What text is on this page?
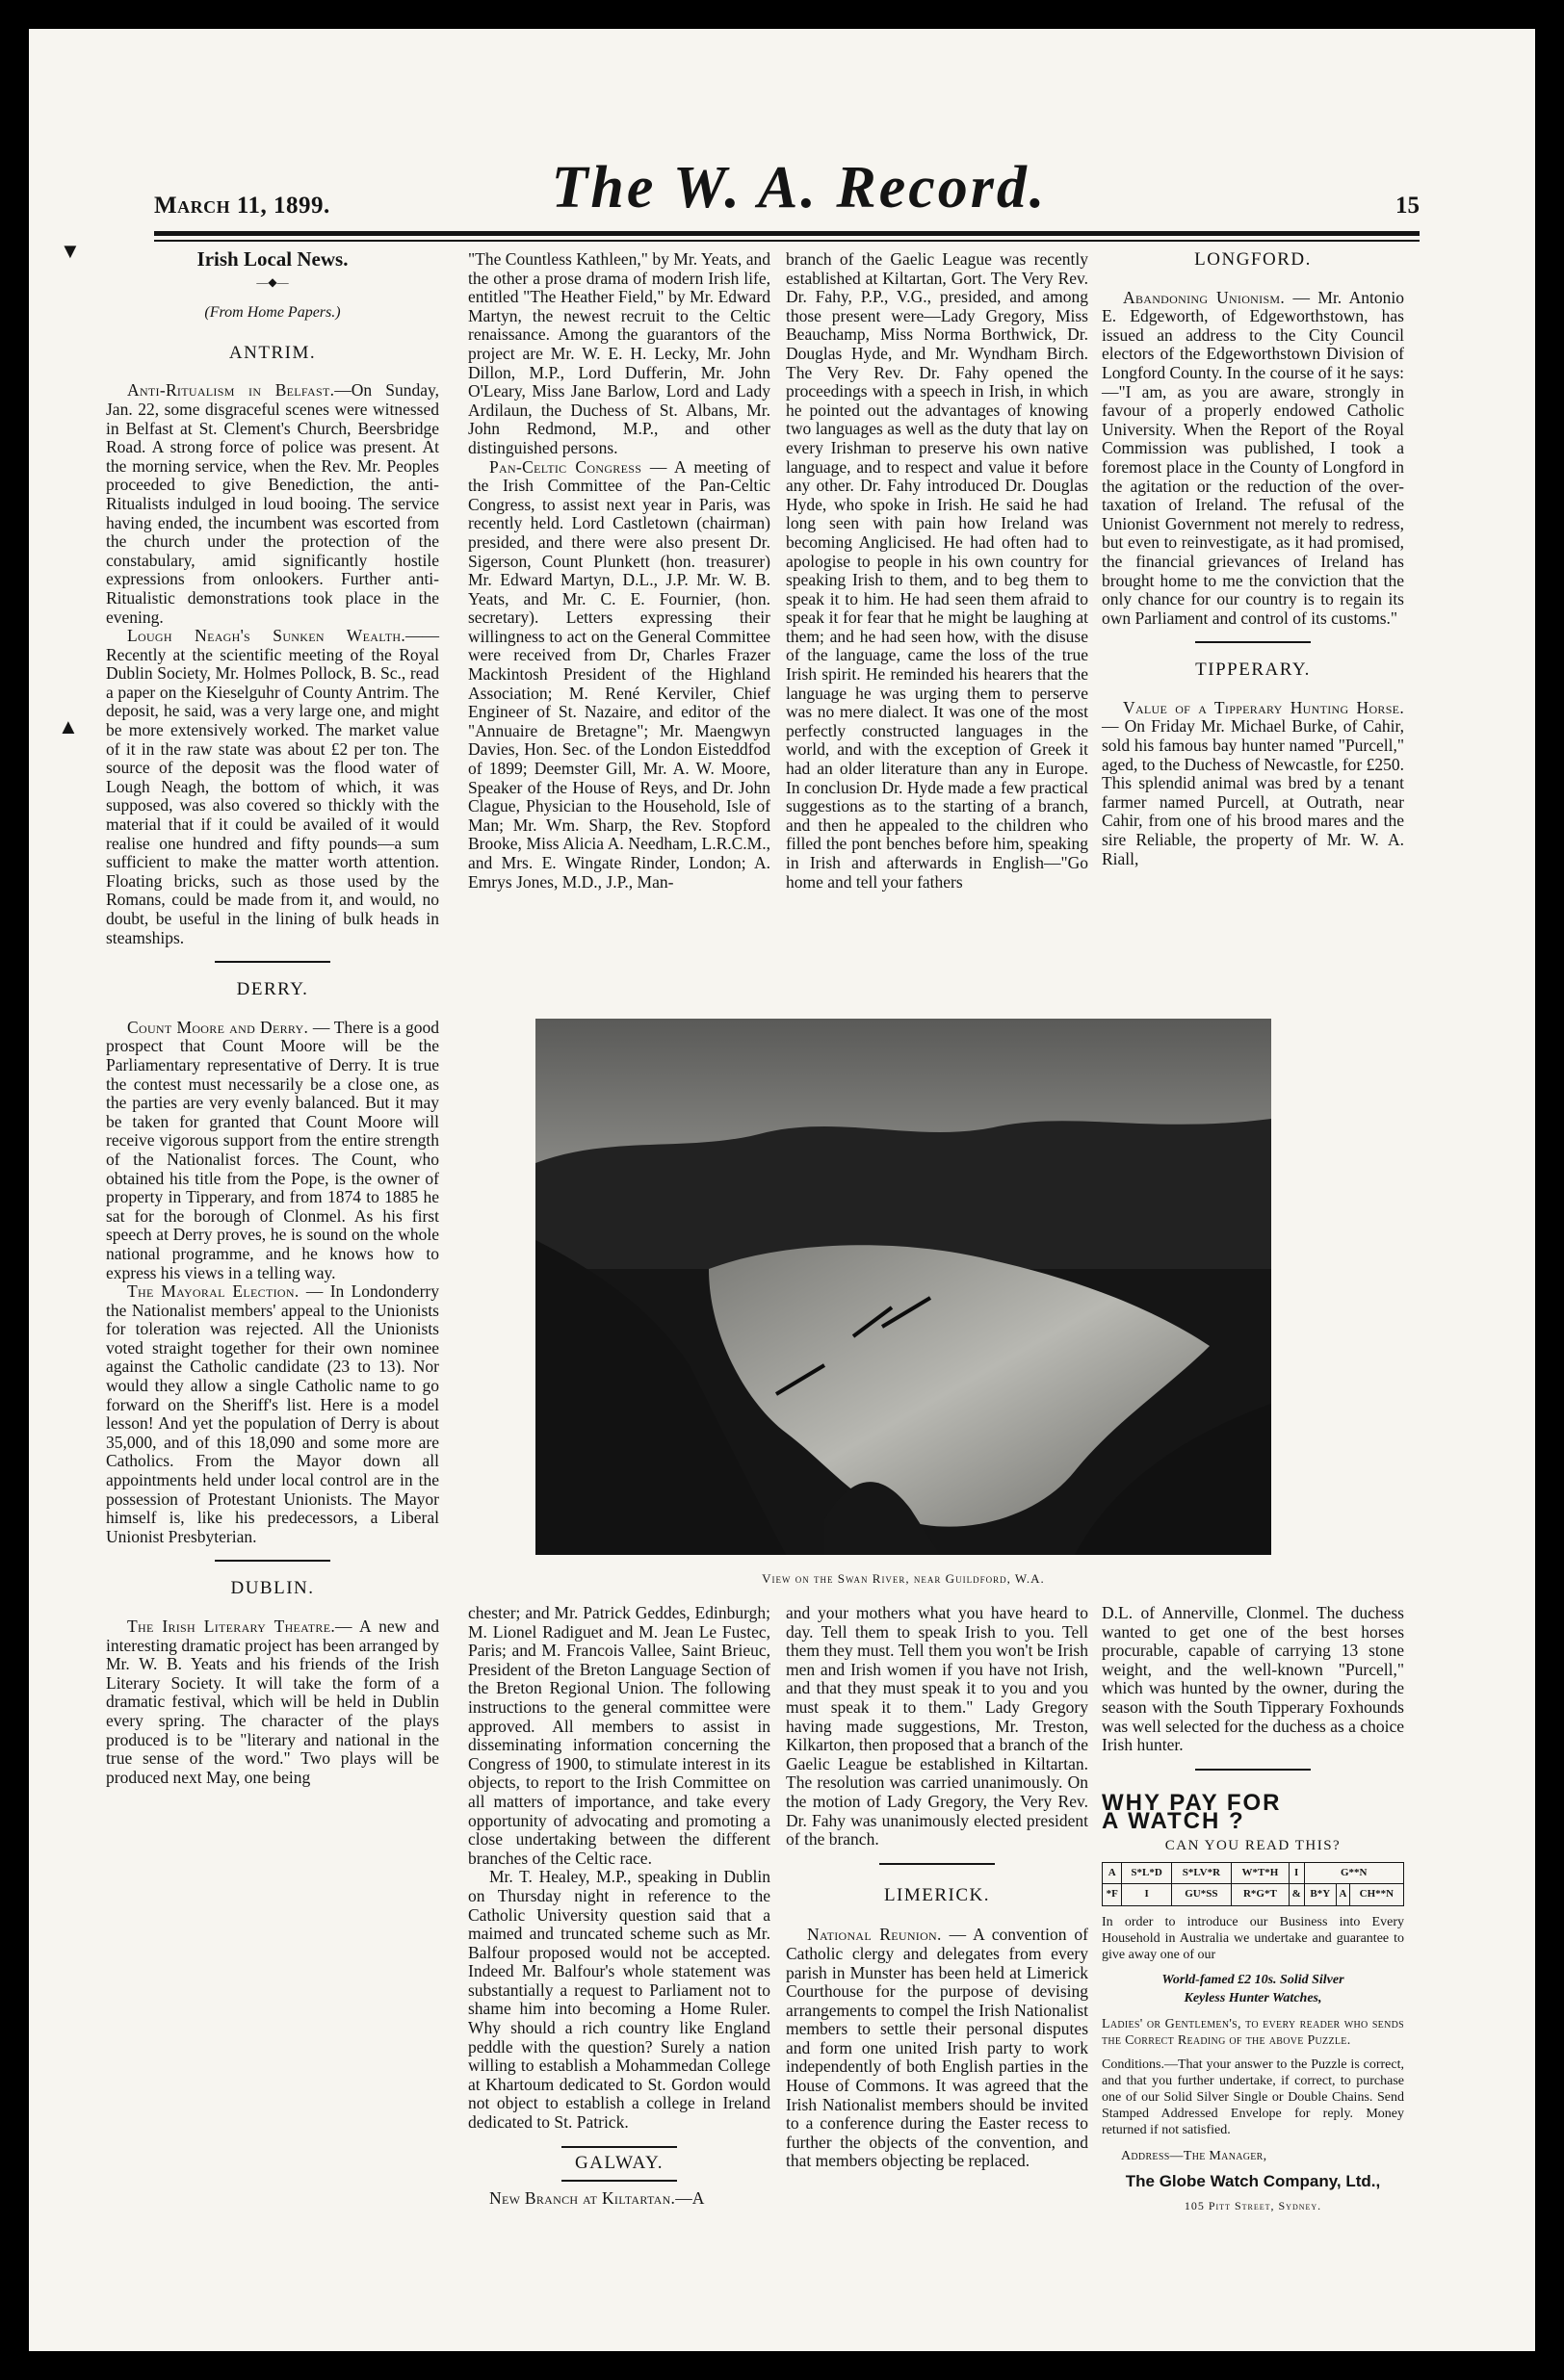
March 11, 1899.	The W. A. Record.	15
▼
▲
Irish Local News.
—◆—
(From Home Papers.)
ANTRIM.

Anti-Ritualism in Belfast.—On Sunday, Jan. 22, some disgraceful scenes were witnessed in Belfast at St. Clement's Church, Beersbridge Road. A strong force of police was present. At the morning service, when the Rev. Mr. Peoples proceeded to give Benediction, the anti-Ritualists indulged in loud booing. The service having ended, the incumbent was escorted from the church under the protection of the constabulary, amid significantly hostile expressions from onlookers. Further anti-Ritualistic demonstrations took place in the evening.

Lough Neagh's Sunken Wealth.——Recently at the scientific meeting of the Royal Dublin Society, Mr. Holmes Pollock, B. Sc., read a paper on the Kieselguhr of County Antrim. The deposit, he said, was a very large one, and might be more extensively worked. The market value of it in the raw state was about £2 per ton. The source of the deposit was the flood water of Lough Neagh, the bottom of which, it was supposed, was also covered so thickly with the material that if it could be availed of it would realise one hundred and fifty pounds—a sum sufficient to make the matter worth attention. Floating bricks, such as those used by the Romans, could be made from it, and would, no doubt, be useful in the lining of bulk heads in steamships.

DERRY.

Count Moore and Derry. — There is a good prospect that Count Moore will be the Parliamentary representative of Derry. It is true the contest must necessarily be a close one, as the parties are very evenly balanced. But it may be taken for granted that Count Moore will receive vigorous support from the entire strength of the Nationalist forces. The Count, who obtained his title from the Pope, is the owner of property in Tipperary, and from 1874 to 1885 he sat for the borough of Clonmel. As his first speech at Derry proves, he is sound on the whole national programme, and he knows how to express his views in a telling way.

The Mayoral Election. — In Londonderry the Nationalist members' appeal to the Unionists for toleration was rejected. All the Unionists voted straight together for their own nominee against the Catholic candidate (23 to 13). Nor would they allow a single Catholic name to go forward on the Sheriff's list. Here is a model lesson! And yet the population of Derry is about 35,000, and of this 18,090 and some more are Catholics. From the Mayor down all appointments held under local control are in the possession of Protestant Unionists. The Mayor himself is, like his predecessors, a Liberal Unionist Presbyterian.

DUBLIN.

The Irish Literary Theatre.— A new and interesting dramatic project has been arranged by Mr. W. B. Yeats and his friends of the Irish Literary Society. It will take the form of a dramatic festival, which will be held in Dublin every spring. The character of the plays produced is to be "literary and national in the true sense of the word." Two plays will be produced next May, one being

"The Countless Kathleen," by Mr. Yeats, and the other a prose drama of modern Irish life, entitled "The Heather Field," by Mr. Edward Martyn, the newest recruit to the Celtic renaissance. Among the guarantors of the project are Mr. W. E. H. Lecky, Mr. John Dillon, M.P., Lord Dufferin, Mr. John O'Leary, Miss Jane Barlow, Lord and Lady Ardilaun, the Duchess of St. Albans, Mr. John Redmond, M.P., and other distinguished persons.

Pan-Celtic Congress — A meeting of the Irish Committee of the Pan-Celtic Congress, to assist next year in Paris, was recently held. Lord Castletown (chairman) presided, and there were also present Dr. Sigerson, Count Plunkett (hon. treasurer) Mr. Edward Martyn, D.L., J.P. Mr. W. B. Yeats, and Mr. C. E. Fournier, (hon. secretary). Letters expressing their willingness to act on the General Committee were received from Dr, Charles Frazer Mackintosh President of the Highland Association; M. René Kerviler, Chief Engineer of St. Nazaire, and editor of the "Annuaire de Bretagne"; Mr. Maengwyn Davies, Hon. Sec. of the London Eisteddfod of 1899; Deemster Gill, Mr. A. W. Moore, Speaker of the House of Reys, and Dr. John Clague, Physician to the Household, Isle of Man; Mr. Wm. Sharp, the Rev. Stopford Brooke, Miss Alicia A. Needham, L.R.C.M., and Mrs. E. Wingate Rinder, London; A. Emrys Jones, M.D., J.P., Man-

branch of the Gaelic League was recently established at Kiltartan, Gort. The Very Rev. Dr. Fahy, P.P., V.G., presided, and among those present were—Lady Gregory, Miss Beauchamp, Miss Norma Borthwick, Dr. Douglas Hyde, and Mr. Wyndham Birch. The Very Rev. Dr. Fahy opened the proceedings with a speech in Irish, in which he pointed out the advantages of knowing two languages as well as the duty that lay on every Irishman to preserve his own native language, and to respect and value it before any other. Dr. Fahy introduced Dr. Douglas Hyde, who spoke in Irish. He said he had long seen with pain how Ireland was becoming Anglicised. He had often had to apologise to people in his own country for speaking Irish to them, and to beg them to speak it to him. He had seen them afraid to speak it for fear that he might be laughing at them; and he had seen how, with the disuse of the language, came the loss of the true Irish spirit. He reminded his hearers that the language he was urging them to perserve was no mere dialect. It was one of the most perfectly constructed languages in the world, and with the exception of Greek it had an older literature than any in Europe. In conclusion Dr. Hyde made a few practical suggestions as to the starting of a branch, and then he appealed to the children who filled the pont benches before him, speaking in Irish and afterwards in English—"Go home and tell your fathers

LONGFORD.

Abandoning Unionism. — Mr. Antonio E. Edgeworth, of Edgeworthstown, has issued an address to the City Council electors of the Edgeworthstown Division of Longford County. In the course of it he says:—"I am, as you are aware, strongly in favour of a properly endowed Catholic University. When the Report of the Royal Commission was published, I took a foremost place in the County of Longford in the agitation or the reduction of the over-taxation of Ireland. The refusal of the Unionist Government not merely to redress, but even to reinvestigate, as it had promised, the financial grievances of Ireland has brought home to me the conviction that the only chance for our country is to regain its own Parliament and control of its customs."

TIPPERARY.

Value of a Tipperary Hunting Horse. — On Friday Mr. Michael Burke, of Cahir, sold his famous bay hunter named "Purcell," aged, to the Duchess of Newcastle, for £250. This splendid animal was bred by a tenant farmer named Purcell, at Outrath, near Cahir, from one of his brood mares and the sire Reliable, the property of Mr. W. A. Riall,

View on the Swan River, near Guildford, W.A.

chester; and Mr. Patrick Geddes, Edinburgh; M. Lionel Radiguet and M. Jean Le Fustec, Paris; and M. Francois Vallee, Saint Brieuc, President of the Breton Language Section of the Breton Regional Union. The following instructions to the general committee were approved. All members to assist in disseminating information concerning the Congress of 1900, to stimulate interest in its objects, to report to the Irish Committee on all matters of importance, and take every opportunity of advocating and promoting a close undertaking between the different branches of the Celtic race.

Mr. T. Healey, M.P., speaking in Dublin on Thursday night in reference to the Catholic University question said that a maimed and truncated scheme such as Mr. Balfour proposed would not be accepted. Indeed Mr. Balfour's whole statement was substantially a request to Parliament not to shame him into becoming a Home Ruler. Why should a rich country like England peddle with the question? Surely a nation willing to establish a Mohammedan College at Khartoum dedicated to St. Gordon would not object to establish a college in Ireland dedicated to St. Patrick.

GALWAY.

New Branch at Kiltartan.—A

and your mothers what you have heard to day. Tell them to speak Irish to you. Tell them they must. Tell them you won't be Irish men and Irish women if you have not Irish, and that they must speak it to you and you must speak it to them." Lady Gregory having made suggestions, Mr. Treston, Kilkarton, then proposed that a branch of the Gaelic League be established in Kiltartan. The resolution was carried unanimously. On the motion of Lady Gregory, the Very Rev. Dr. Fahy was unanimously elected president of the branch.

LIMERICK.

National Reunion. — A convention of Catholic clergy and delegates from every parish in Munster has been held at Limerick Courthouse for the purpose of devising arrangements to compel the Irish Nationalist members to settle their personal disputes and form one united Irish party to work independently of both English parties in the House of Commons. It was agreed that the Irish Nationalist members should be invited to a conference during the Easter recess to further the objects of the convention, and that members objecting be replaced.

D.L. of Annerville, Clonmel. The duchess wanted to get one of the best horses procurable, capable of carrying 13 stone weight, and the well-known "Purcell," which was hunted by the owner, during the season with the South Tipperary Foxhounds was well selected for the duchess as a choice Irish hunter.

WHY PAY FOR
A WATCH ?
CAN YOU READ THIS?
A	S*L*D	S*LV*R	W*T*H	I	G**N		
*F	I	GU*SS	R*G*T	&	B*Y	A	CH**N
In order to introduce our Business into Every Household in Australia we undertake and guarantee to give away one of our
World-famed £2 10s. Solid Silver
Keyless Hunter Watches,
Ladies' or Gentlemen's, to every reader who sends the Correct Reading of the above Puzzle.
Conditions.—That your answer to the Puzzle is correct, and that you further undertake, if correct, to purchase one of our Solid Silver Single or Double Chains. Send Stamped Addressed Envelope for reply. Money returned if not satisfied.
Address—The Manager,
The Globe Watch Company, Ltd.,
105 Pitt Street, Sydney.
